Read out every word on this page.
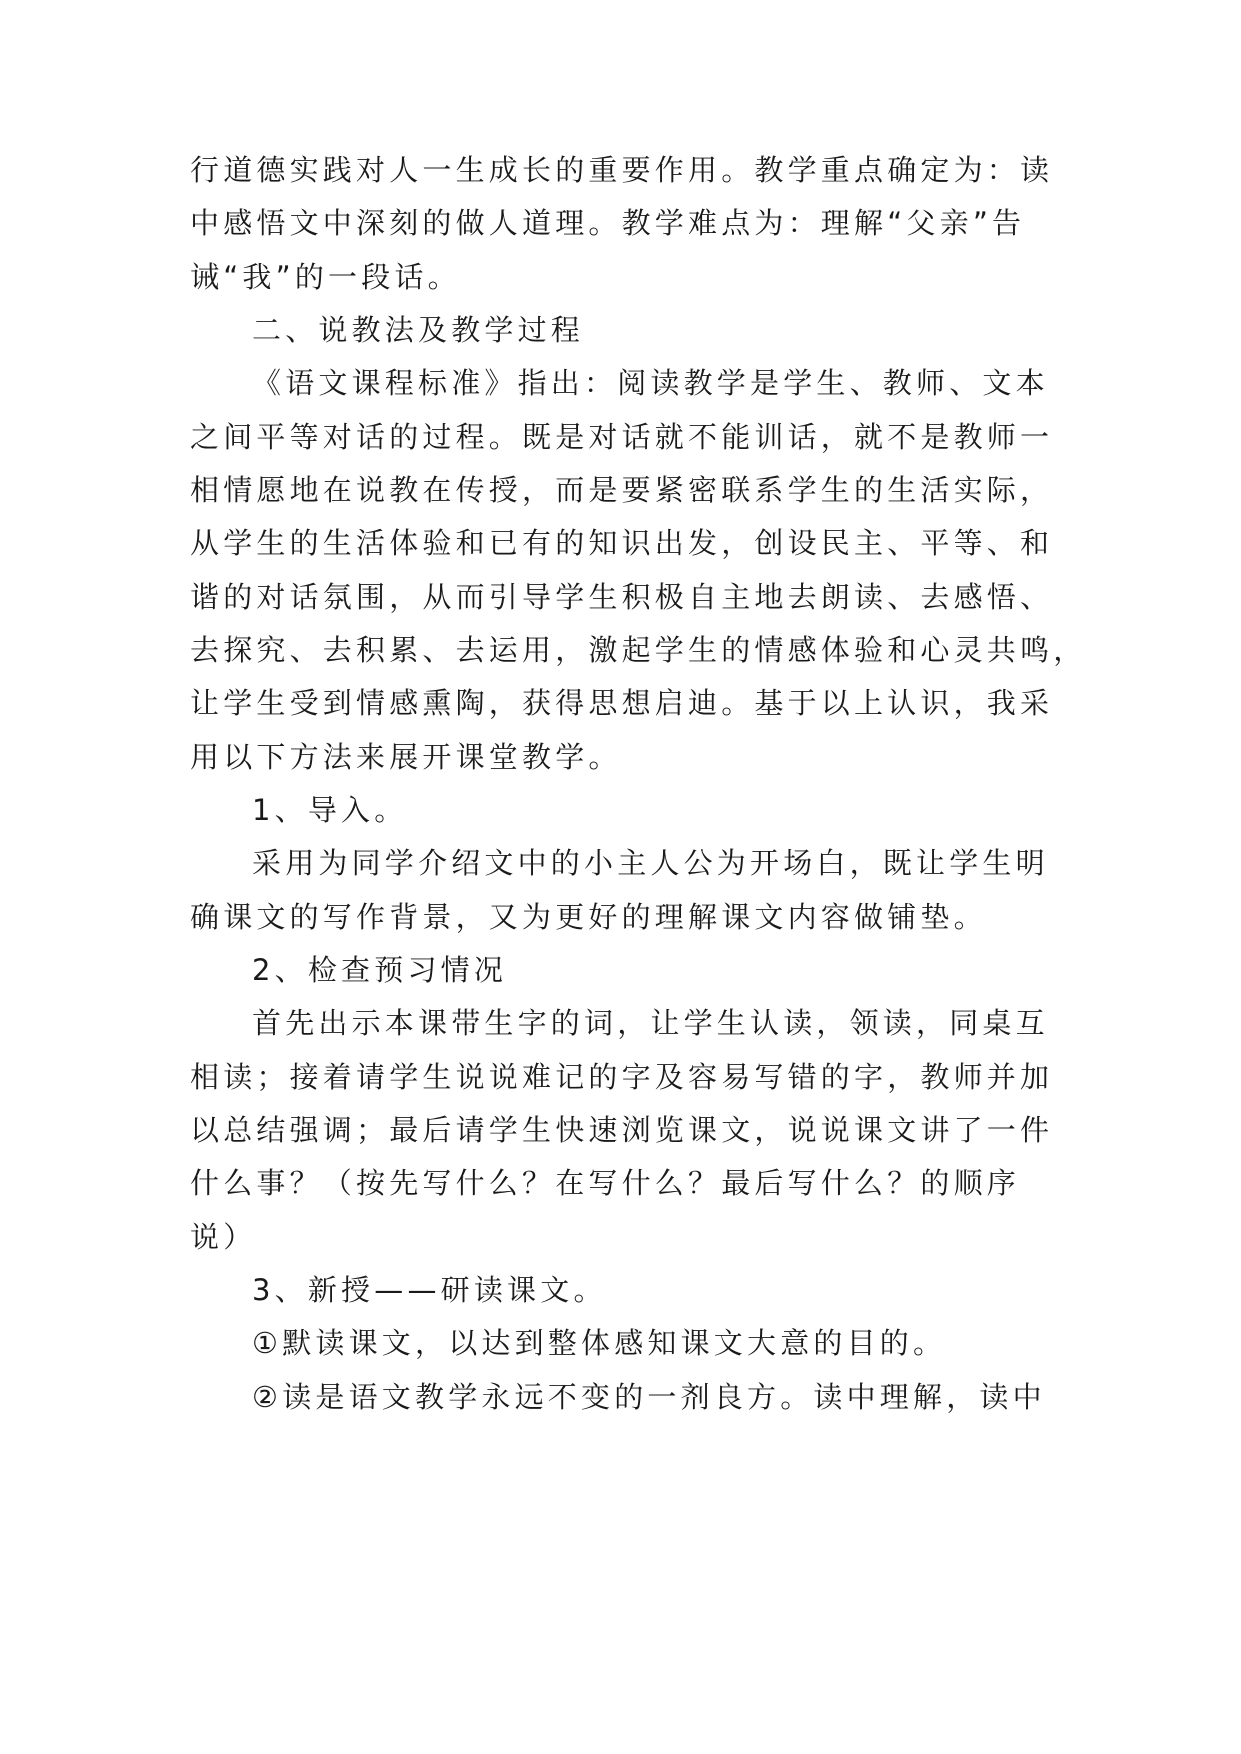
行道德实践对人一生成长的重要作用。教学重点确定为：读
中感悟文中深刻的做人道理。教学难点为：理解“父亲”告
诫“我”的一段话。
二、说教法及教学过程
《语文课程标准》指出：阅读教学是学生、教师、文本
之间平等对话的过程。既是对话就不能训话，就不是教师一
相情愿地在说教在传授，而是要紧密联系学生的生活实际，
从学生的生活体验和已有的知识出发，创设民主、平等、和
谐的对话氛围，从而引导学生积极自主地去朗读、去感悟、
去探究、去积累、去运用，激起学生的情感体验和心灵共鸣，
让学生受到情感熏陶，获得思想启迪。基于以上认识，我采
用以下方法来展开课堂教学。
1、导入。
采用为同学介绍文中的小主人公为开场白，既让学生明
确课文的写作背景，又为更好的理解课文内容做铺垫。
2、检查预习情况
首先出示本课带生字的词，让学生认读，领读，同桌互
相读；接着请学生说说难记的字及容易写错的字，教师并加
以总结强调；最后请学生快速浏览课文，说说课文讲了一件
什么事？（按先写什么？在写什么？最后写什么？的顺序
说）
3、新授——研读课文。
①默读课文，以达到整体感知课文大意的目的。
②读是语文教学永远不变的一剂良方。读中理解，读中
